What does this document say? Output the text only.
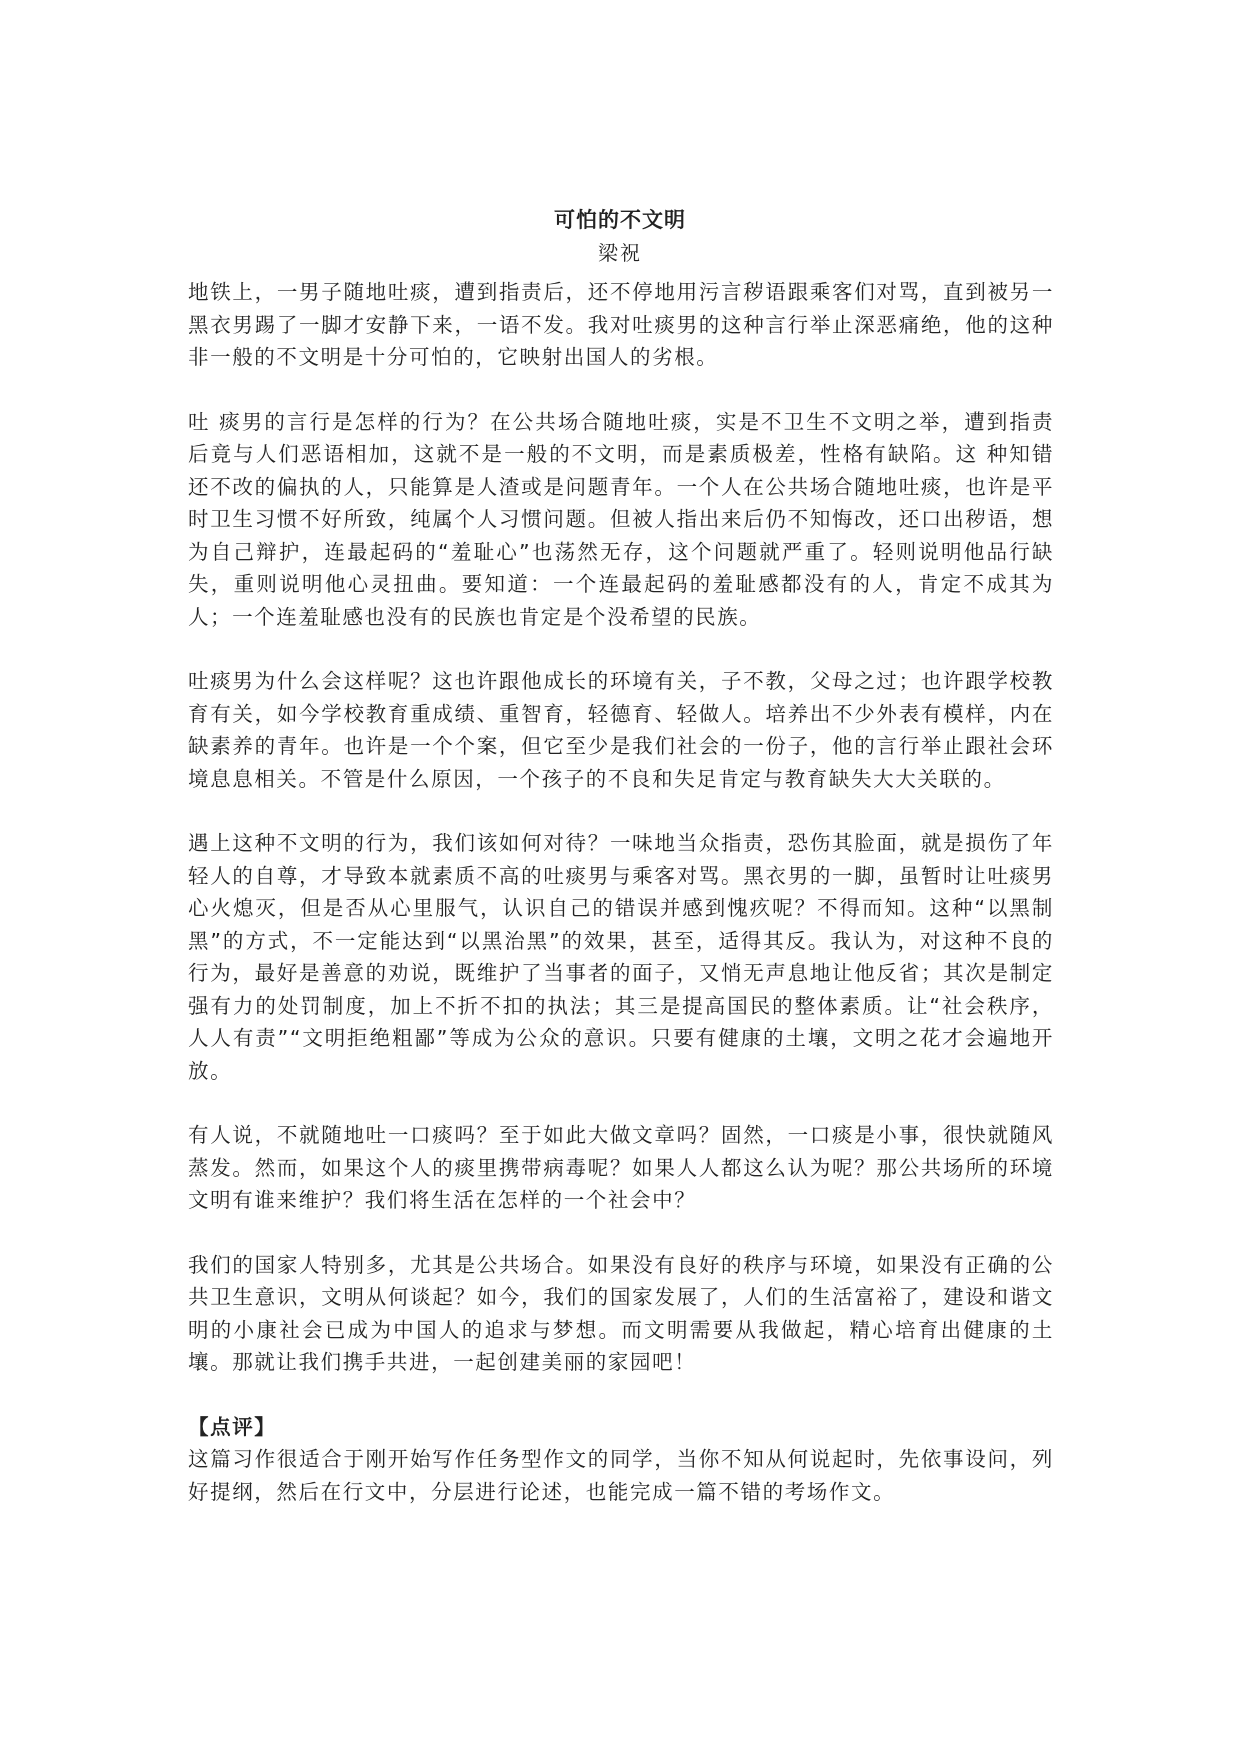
可怕的不文明
梁祝

地铁上，一男子随地吐痰，遭到指责后，还不停地用污言秽语跟乘客们对骂，直到被另一黑衣男踢了一脚才安静下来，一语不发。我对吐痰男的这种言行举止深恶痛绝，他的这种非一般的不文明是十分可怕的，它映射出国人的劣根。

吐 痰男的言行是怎样的行为？在公共场合随地吐痰，实是不卫生不文明之举，遭到指责后竟与人们恶语相加，这就不是一般的不文明，而是素质极差，性格有缺陷。这 种知错还不改的偏执的人，只能算是人渣或是问题青年。一个人在公共场合随地吐痰，也许是平时卫生习惯不好所致，纯属个人习惯问题。但被人指出来后仍不知悔改，还口出秽语，想为自己辩护，连最起码的“羞耻心”也荡然无存，这个问题就严重了。轻则说明他品行缺失，重则说明他心灵扭曲。要知道：一个连最起码的羞耻感都没有的人，肯定不成其为人；一个连羞耻感也没有的民族也肯定是个没希望的民族。

吐痰男为什么会这样呢？这也许跟他成长的环境有关，子不教，父母之过；也许跟学校教育有关，如今学校教育重成绩、重智育，轻德育、轻做人。培养出不少外表有模样，内在缺素养的青年。也许是一个个案，但它至少是我们社会的一份子，他的言行举止跟社会环境息息相关。不管是什么原因，一个孩子的不良和失足肯定与教育缺失大大关联的。

遇上这种不文明的行为，我们该如何对待？一味地当众指责，恐伤其脸面，就是损伤了年轻人的自尊，才导致本就素质不高的吐痰男与乘客对骂。黑衣男的一脚，虽暂时让吐痰男心火熄灭，但是否从心里服气，认识自己的错误并感到愧疚呢？不得而知。这种“以黑制黑”的方式，不一定能达到“以黑治黑”的效果，甚至，适得其反。我认为，对这种不良的行为，最好是善意的劝说，既维护了当事者的面子，又悄无声息地让他反省；其次是制定强有力的处罚制度，加上不折不扣的执法；其三是提高国民的整体素质。让“社会秩序，人人有责”“文明拒绝粗鄙”等成为公众的意识。只要有健康的土壤，文明之花才会遍地开放。

有人说，不就随地吐一口痰吗？至于如此大做文章吗？固然，一口痰是小事，很快就随风蒸发。然而，如果这个人的痰里携带病毒呢？如果人人都这么认为呢？那公共场所的环境文明有谁来维护？我们将生活在怎样的一个社会中？

我们的国家人特别多，尤其是公共场合。如果没有良好的秩序与环境，如果没有正确的公共卫生意识，文明从何谈起？如今，我们的国家发展了，人们的生活富裕了，建设和谐文明的小康社会已成为中国人的追求与梦想。而文明需要从我做起，精心培育出健康的土壤。那就让我们携手共进，一起创建美丽的家园吧！

【点评】

这篇习作很适合于刚开始写作任务型作文的同学，当你不知从何说起时，先依事设问，列好提纲，然后在行文中，分层进行论述，也能完成一篇不错的考场作文。
